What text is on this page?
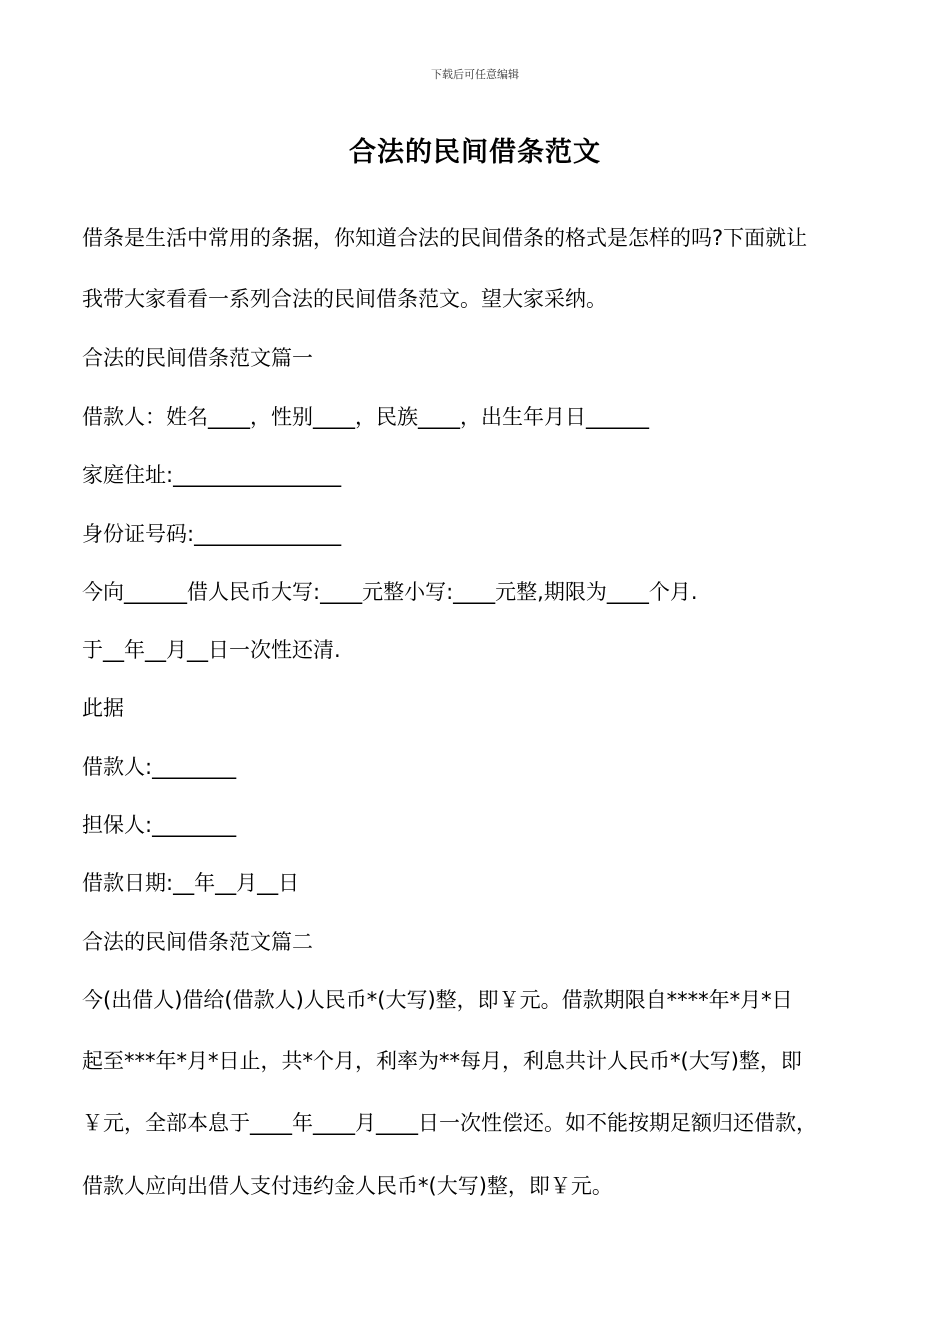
下载后可任意编辑
合法的民间借条范文
借条是生活中常用的条据，你知道合法的民间借条的格式是怎样的吗?下面就让
我带大家看看一系列合法的民间借条范文。望大家采纳。
合法的民间借条范文篇一
借款人：姓名____，性别____，民族____，出生年月日______
家庭住址:________________
身份证号码:______________
今向______借人民币大写:____元整小写:____元整,期限为____个月.
于__年__月__日一次性还清.
此据
借款人:________
担保人:________
借款日期:__年__月__日
合法的民间借条范文篇二
今(出借人)借给(借款人)人民币*(大写)整，即￥元。借款期限自****年*月*日
起至***年*月*日止，共*个月，利率为**每月，利息共计人民币*(大写)整，即
￥元，全部本息于____年____月____日一次性偿还。如不能按期足额归还借款，
借款人应向出借人支付违约金人民币*(大写)整，即￥元。
